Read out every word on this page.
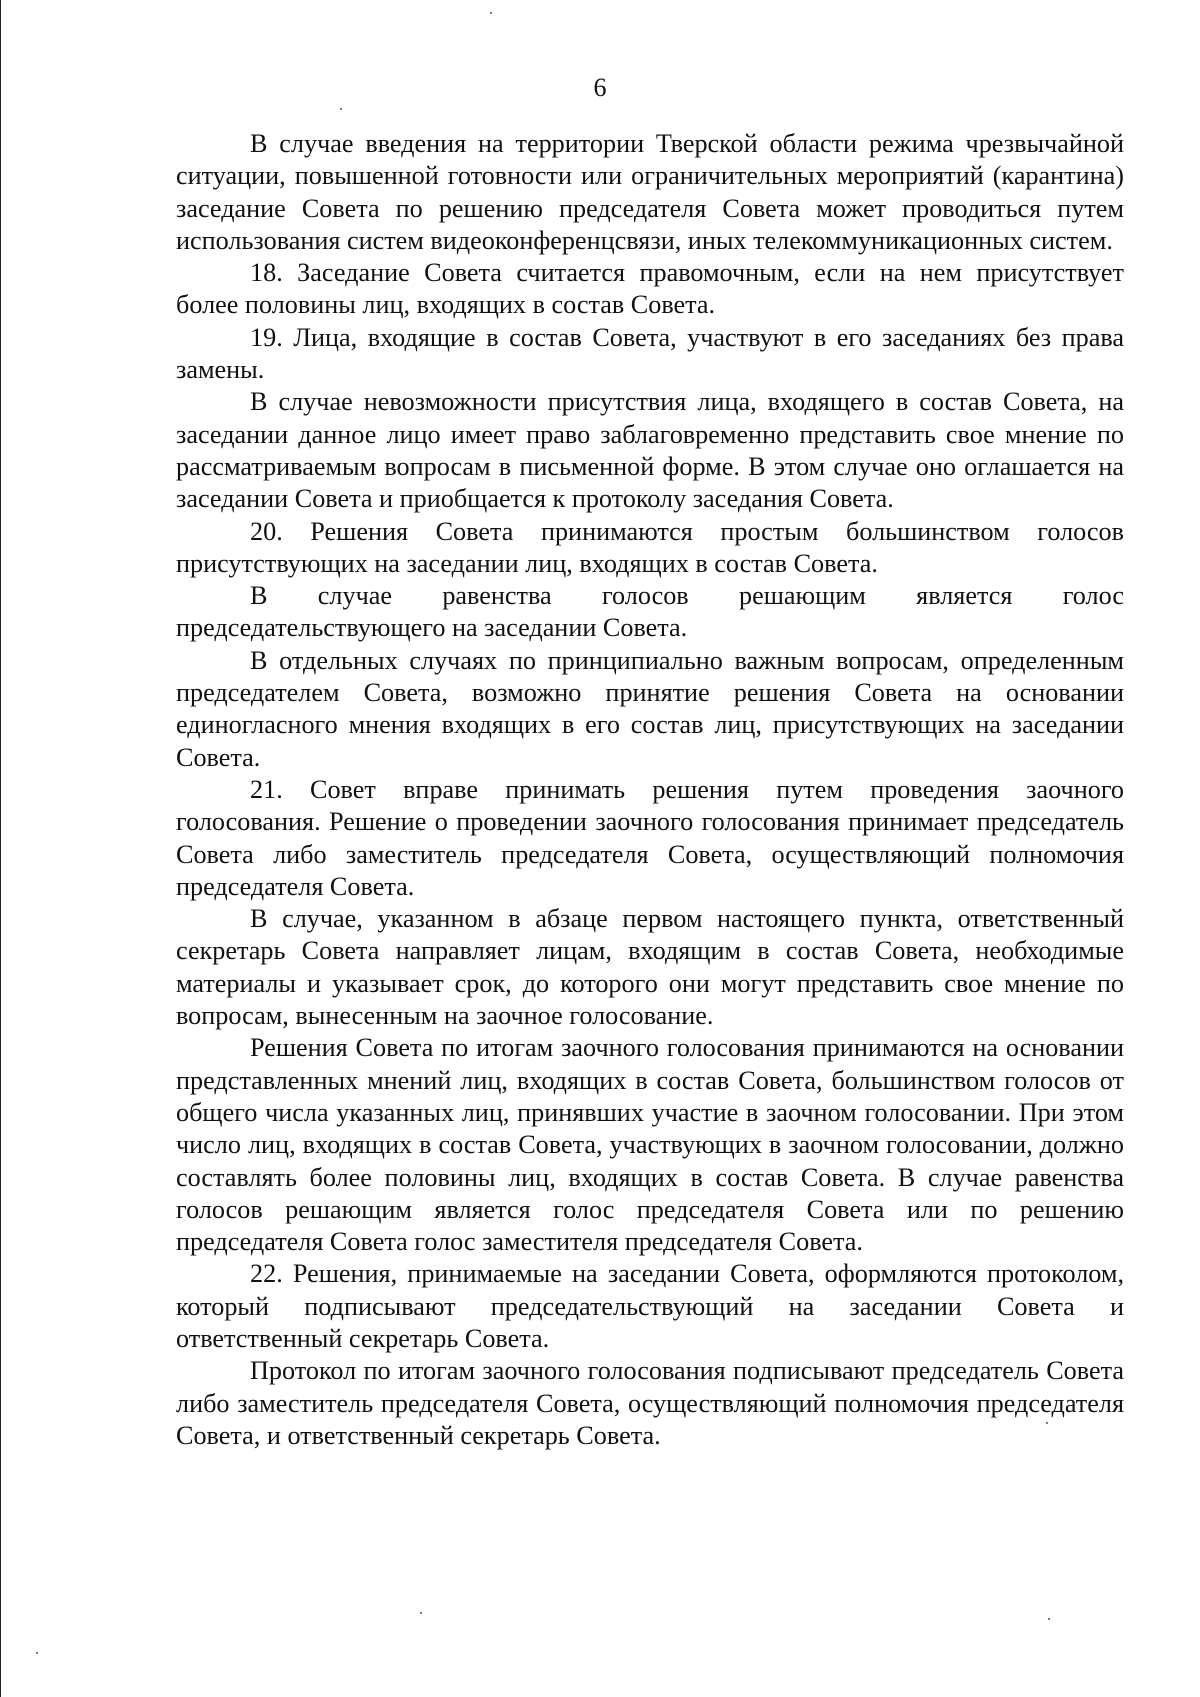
6

В случае введения на территории Тверской области режима чрезвычайной ситуации, повышенной готовности или ограничительных мероприятий (карантина) заседание Совета по решению председателя Совета может проводиться путем использования систем видеоконференцсвязи, иных телекоммуникационных систем.

18. Заседание Совета считается правомочным, если на нем присутствует более половины лиц, входящих в состав Совета.

19. Лица, входящие в состав Совета, участвуют в его заседаниях без права замены.

В случае невозможности присутствия лица, входящего в состав Совета, на заседании данное лицо имеет право заблаговременно представить свое мнение по рассматриваемым вопросам в письменной форме. В этом случае оно оглашается на заседании Совета и приобщается к протоколу заседания Совета.

20. Решения Совета принимаются простым большинством голосов присутствующих на заседании лиц, входящих в состав Совета.

В случае равенства голосов решающим является голос председательствующего на заседании Совета.

В отдельных случаях по принципиально важным вопросам, определенным председателем Совета, возможно принятие решения Совета на основании единогласного мнения входящих в его состав лиц, присутствующих на заседании Совета.

21. Совет вправе принимать решения путем проведения заочного голосования. Решение о проведении заочного голосования принимает председатель Совета либо заместитель председателя Совета, осуществляющий полномочия председателя Совета.

В случае, указанном в абзаце первом настоящего пункта, ответственный секретарь Совета направляет лицам, входящим в состав Совета, необходимые материалы и указывает срок, до которого они могут представить свое мнение по вопросам, вынесенным на заочное голосование.

Решения Совета по итогам заочного голосования принимаются на основании представленных мнений лиц, входящих в состав Совета, большинством голосов от общего числа указанных лиц, принявших участие в заочном голосовании. При этом число лиц, входящих в состав Совета, участвующих в заочном голосовании, должно составлять более половины лиц, входящих в состав Совета. В случае равенства голосов решающим является голос председателя Совета или по решению председателя Совета голос заместителя председателя Совета.

22. Решения, принимаемые на заседании Совета, оформляются протоколом, который подписывают председательствующий на заседании Совета и ответственный секретарь Совета.

Протокол по итогам заочного голосования подписывают председатель Совета либо заместитель председателя Совета, осуществляющий полномочия председателя Совета, и ответственный секретарь Совета.
